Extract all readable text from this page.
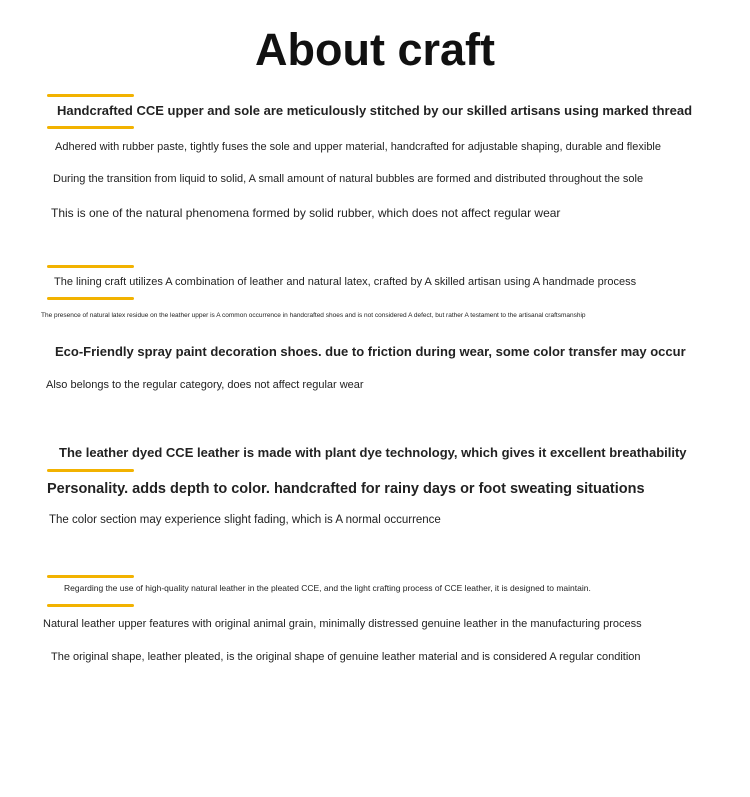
About craft

Handcrafted CCE upper and sole are meticulously stitched by our skilled artisans using marked thread

Adhered with rubber paste, tightly fuses the sole and upper material, handcrafted for adjustable shaping, durable and flexible

During the transition from liquid to solid, A small amount of natural bubbles are formed and distributed throughout the sole

This is one of the natural phenomena formed by solid rubber, which does not affect regular wear

The lining craft utilizes A combination of leather and natural latex, crafted by A skilled artisan using A handmade process

The presence of natural latex residue on the leather upper is A common occurrence in handcrafted shoes and is not considered A defect, but rather A testament to the artisanal craftsmanship

Eco-Friendly spray paint decoration shoes. due to friction during wear, some color transfer may occur

Also belongs to the regular category, does not affect regular wear

The leather dyed CCE leather is made with plant dye technology, which gives it excellent breathability

Personality. adds depth to color. handcrafted for rainy days or foot sweating situations

The color section may experience slight fading, which is A normal occurrence

Regarding the use of high-quality natural leather in the pleated CCE, and the light crafting process of CCE leather, it is designed to maintain.

Natural leather upper features with original animal grain, minimally distressed genuine leather in the manufacturing process

The original shape, leather pleated, is the original shape of genuine leather material and is considered A regular condition
